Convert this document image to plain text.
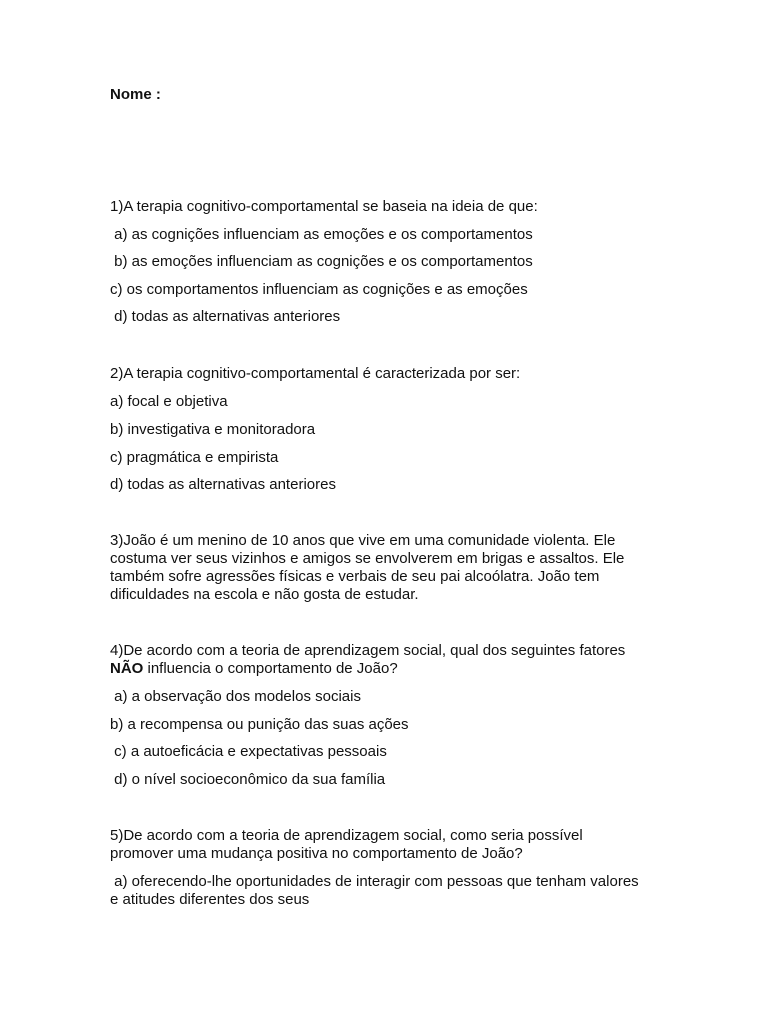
Nome :
1)A terapia cognitivo-comportamental se baseia na ideia de que:
a) as cognições influenciam as emoções e os comportamentos
b) as emoções influenciam as cognições e os comportamentos
c) os comportamentos influenciam as cognições e as emoções
d) todas as alternativas anteriores
2)A terapia cognitivo-comportamental é caracterizada por ser:
a) focal e objetiva
b) investigativa e monitoradora
c) pragmática e empirista
d) todas as alternativas anteriores
3)João é um menino de 10 anos que vive em uma comunidade violenta. Ele
costuma ver seus vizinhos e amigos se envolverem em brigas e assaltos. Ele
também sofre agressões físicas e verbais de seu pai alcoólatra. João tem
dificuldades na escola e não gosta de estudar.
4)De acordo com a teoria de aprendizagem social, qual dos seguintes fatores
NÃO influencia o comportamento de João?
a) a observação dos modelos sociais
b) a recompensa ou punição das suas ações
c) a autoeficácia e expectativas pessoais
d) o nível socioeconômico da sua família
5)De acordo com a teoria de aprendizagem social, como seria possível
promover uma mudança positiva no comportamento de João?
a) oferecendo-lhe oportunidades de interagir com pessoas que tenham valores
e atitudes diferentes dos seus
